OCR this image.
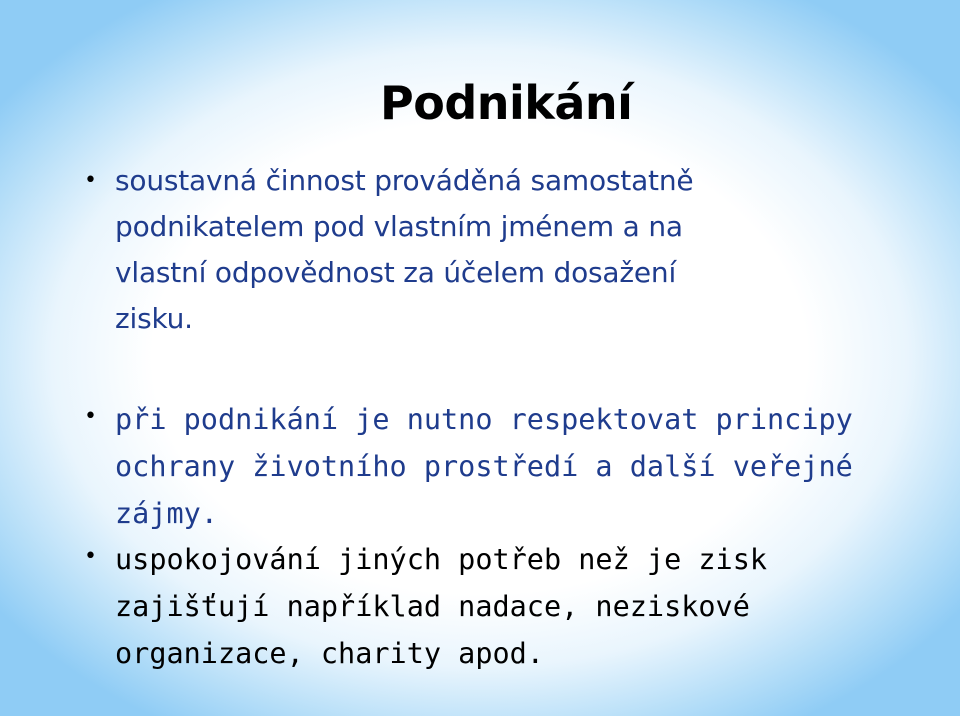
Podnikání
• soustavná činnost prováděná samostatně
podnikatelem pod vlastním jménem a na
vlastní odpovědnost za účelem dosažení
zisku.

• při podnikání je nutno respektovat principy
ochrany životního prostředí a další veřejné
zájmy.

• uspokojování jiných potřeb než je zisk
zajišťují například nadace, neziskové
organizace, charity apod.
